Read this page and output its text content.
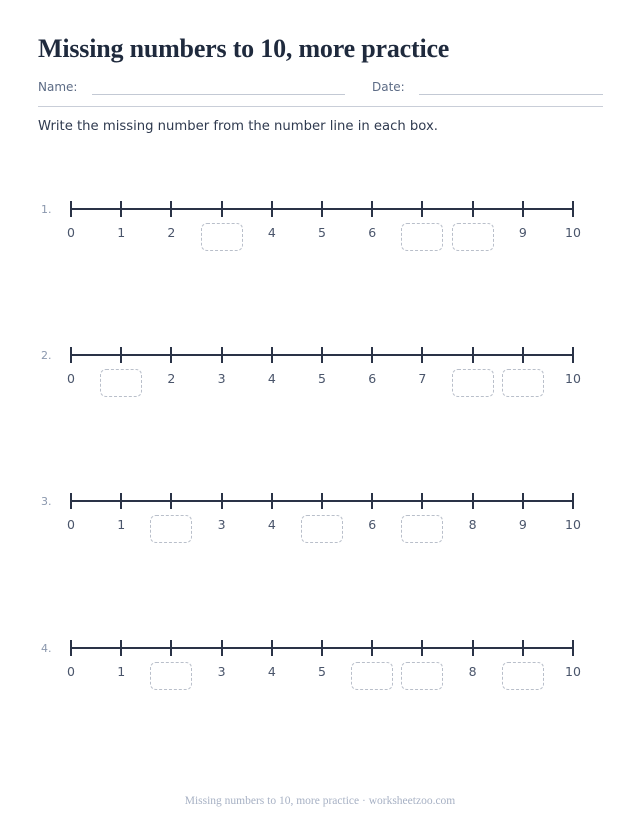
Missing numbers to 10, more practice
Name:	Date:
Write the missing number from the number line in each box.
1.
0	1	2	4	5	6	9	10
2.
0	2	3	4	5	6	7	10
3.
0	1	3	4	6	8	9	10
4.
0	1	3	4	5	8	10
Missing numbers to 10, more practice · worksheetzoo.com
